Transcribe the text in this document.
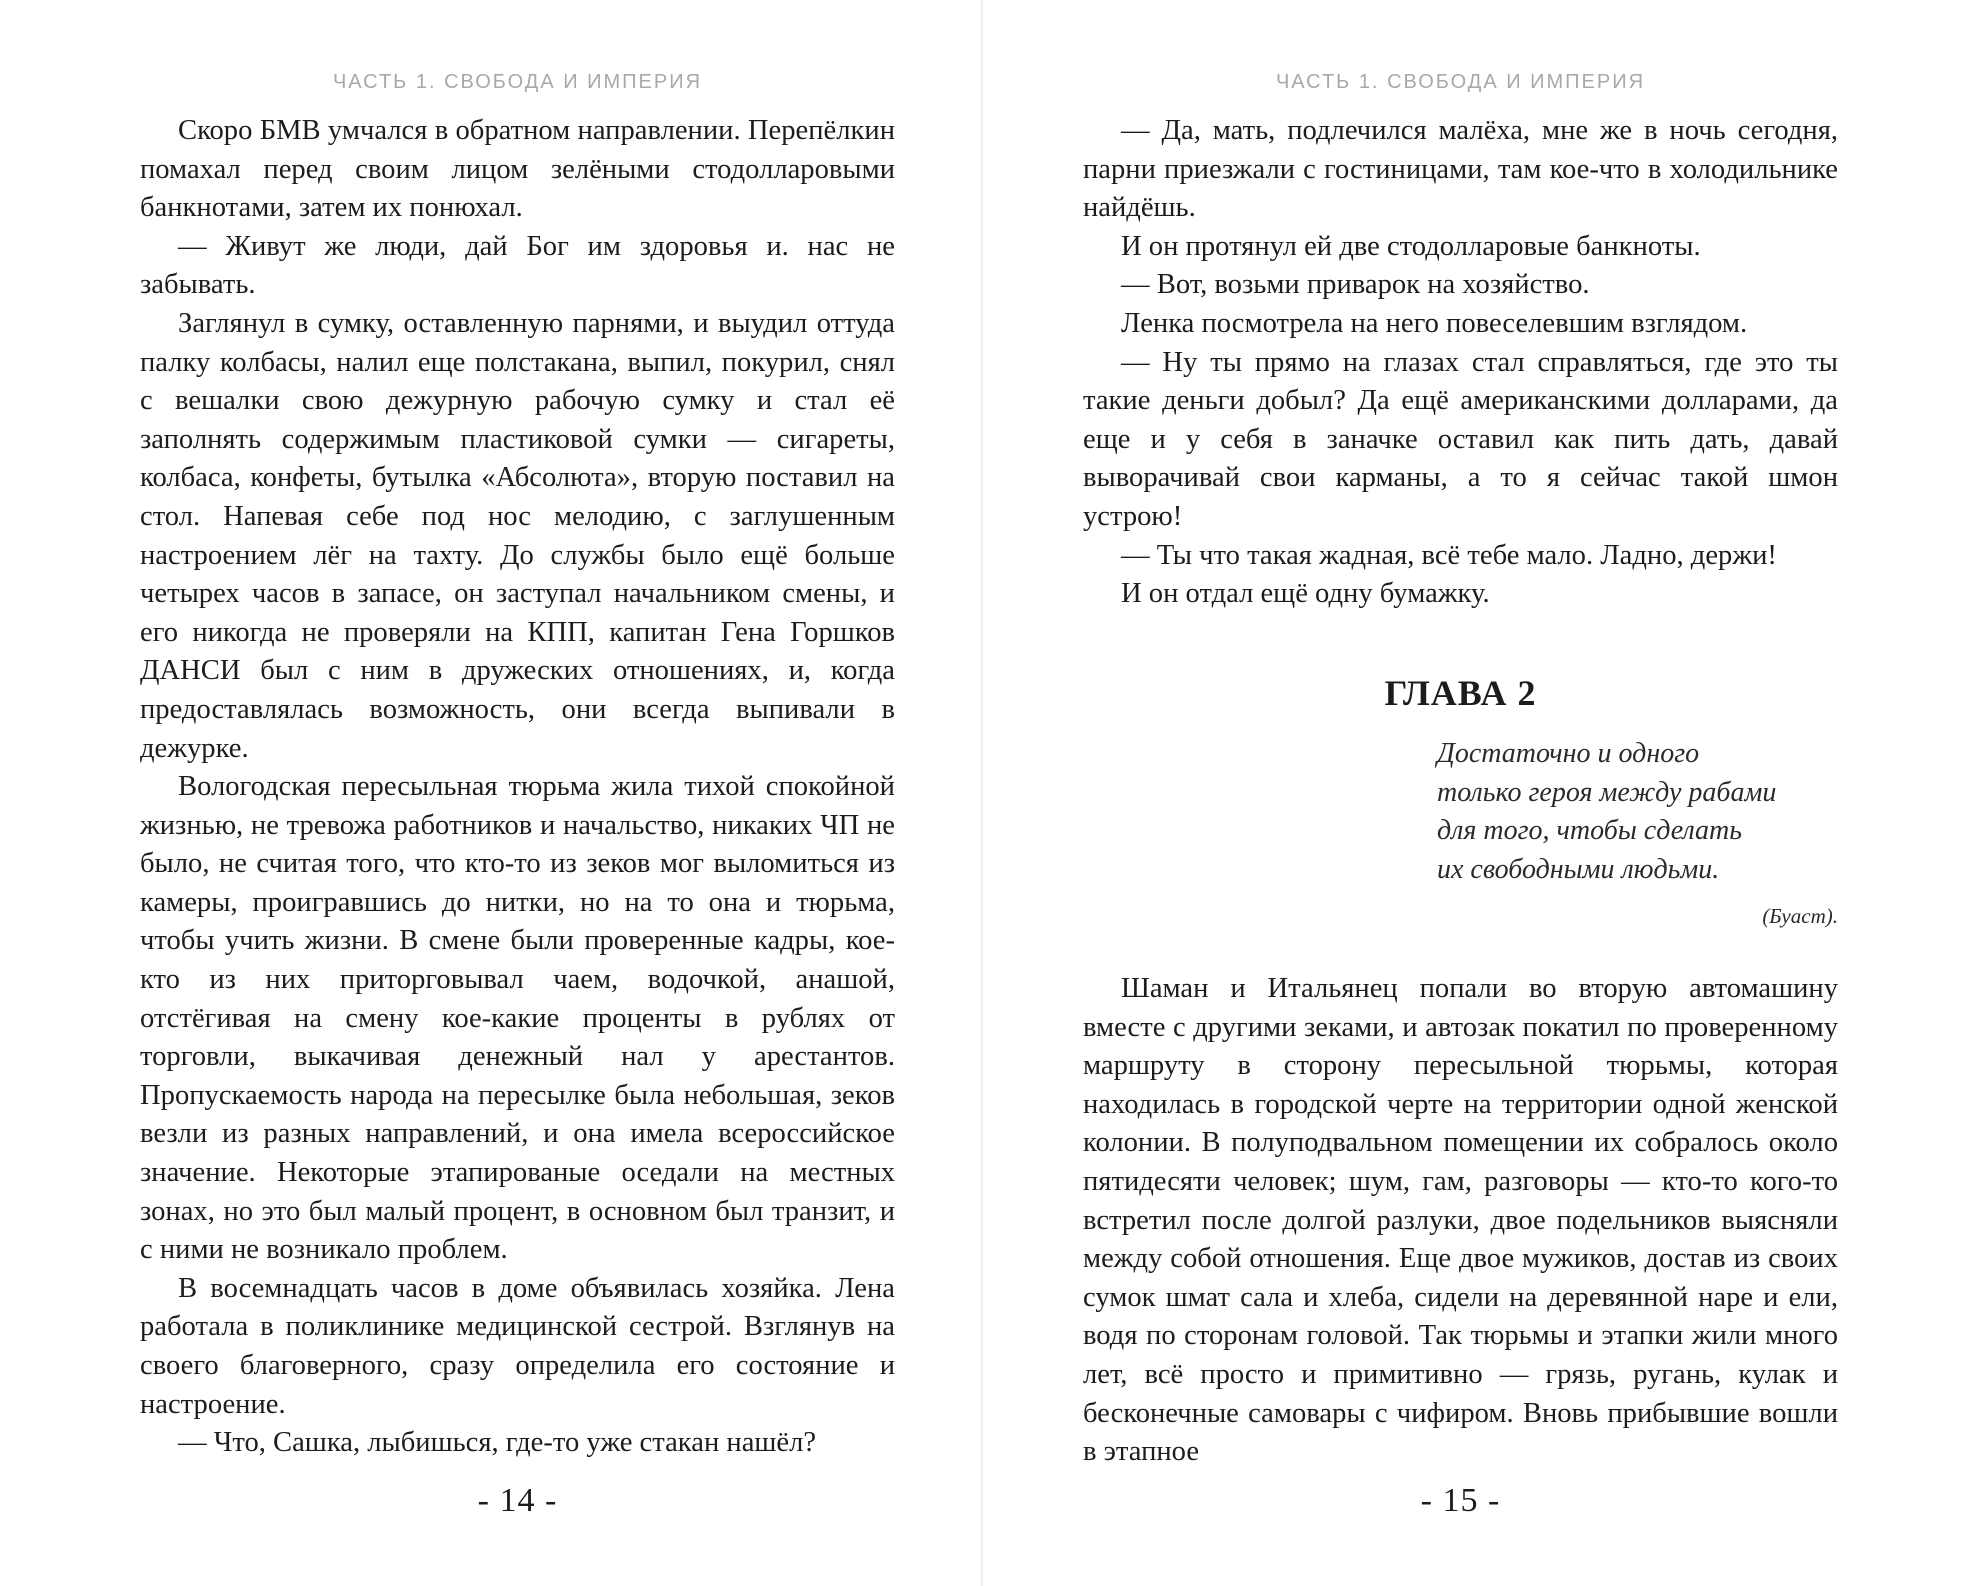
ЧАСТЬ 1. СВОБОДА И ИМПЕРИЯ

Скоро БМВ умчался в обратном направлении. Перепёлкин помахал перед своим лицом зелёными стодолларовыми банкнотами, затем их понюхал.

— Живут же люди, дай Бог им здоровья и. нас не забывать.

Заглянул в сумку, оставленную парнями, и выудил оттуда палку колбасы, налил еще полстакана, выпил, покурил, снял с вешалки свою дежурную рабочую сумку и стал её заполнять содержимым пластиковой сумки — сигареты, колбаса, конфеты, бутылка «Абсолюта», вторую поставил на стол. Напевая себе под нос мелодию, с заглушенным настроением лёг на тахту. До службы было ещё больше четырех часов в запасе, он заступал начальником смены, и его никогда не проверяли на КПП, капитан Гена Горшков ДАНСИ был с ним в дружеских отношениях, и, когда предоставлялась возможность, они всегда выпивали в дежурке.

Вологодская пересыльная тюрьма жила тихой спокойной жизнью, не тревожа работников и начальство, никаких ЧП не было, не считая того, что кто-то из зеков мог выломиться из камеры, проигравшись до нитки, но на то она и тюрьма, чтобы учить жизни. В смене были проверенные кадры, кое-кто из них приторговывал чаем, водочкой, анашой, отстёгивая на смену кое-какие проценты в рублях от торговли, выкачивая денежный нал у арестантов. Пропускаемость народа на пересылке была небольшая, зеков везли из разных направлений, и она имела всероссийское значение. Некоторые этапированые оседали на местных зонах, но это был малый процент, в основном был транзит, и с ними не возникало проблем.

В восемнадцать часов в доме объявилась хозяйка. Лена работала в поликлинике медицинской сестрой. Взглянув на своего благоверного, сразу определила его состояние и настроение.

— Что, Сашка, лыбишься, где-то уже стакан нашёл?

- 14 -
ЧАСТЬ 1. СВОБОДА И ИМПЕРИЯ

— Да, мать, подлечился малёха, мне же в ночь сегодня, парни приезжали с гостиницами, там кое-что в холодильнике найдёшь.

И он протянул ей две стодолларовые банкноты.

— Вот, возьми приварок на хозяйство.

Ленка посмотрела на него повеселевшим взглядом.

— Ну ты прямо на глазах стал справляться, где это ты такие деньги добыл? Да ещё американскими долларами, да еще и у себя в заначке оставил как пить дать, давай выворачивай свои карманы, а то я сейчас такой шмон устрою!

— Ты что такая жадная, всё тебе мало. Ладно, держи!

И он отдал ещё одну бумажку.

ГЛАВА 2
Достаточно и одного
только героя между рабами
для того, чтобы сделать
их свободными людьми.
(Буаст).

Шаман и Итальянец попали во вторую автомашину вместе с другими зеками, и автозак покатил по проверенному маршруту в сторону пересыльной тюрьмы, которая находилась в городской черте на территории одной женской колонии. В полуподвальном помещении их собралось около пятидесяти человек; шум, гам, разговоры — кто-то кого-то встретил после долгой разлуки, двое подельников выясняли между собой отношения. Еще двое мужиков, достав из своих сумок шмат сала и хлеба, сидели на деревянной наре и ели, водя по сторонам головой. Так тюрьмы и этапки жили много лет, всё просто и примитивно — грязь, ругань, кулак и бесконечные самовары с чифиром. Вновь прибывшие вошли в этапное

- 15 -
